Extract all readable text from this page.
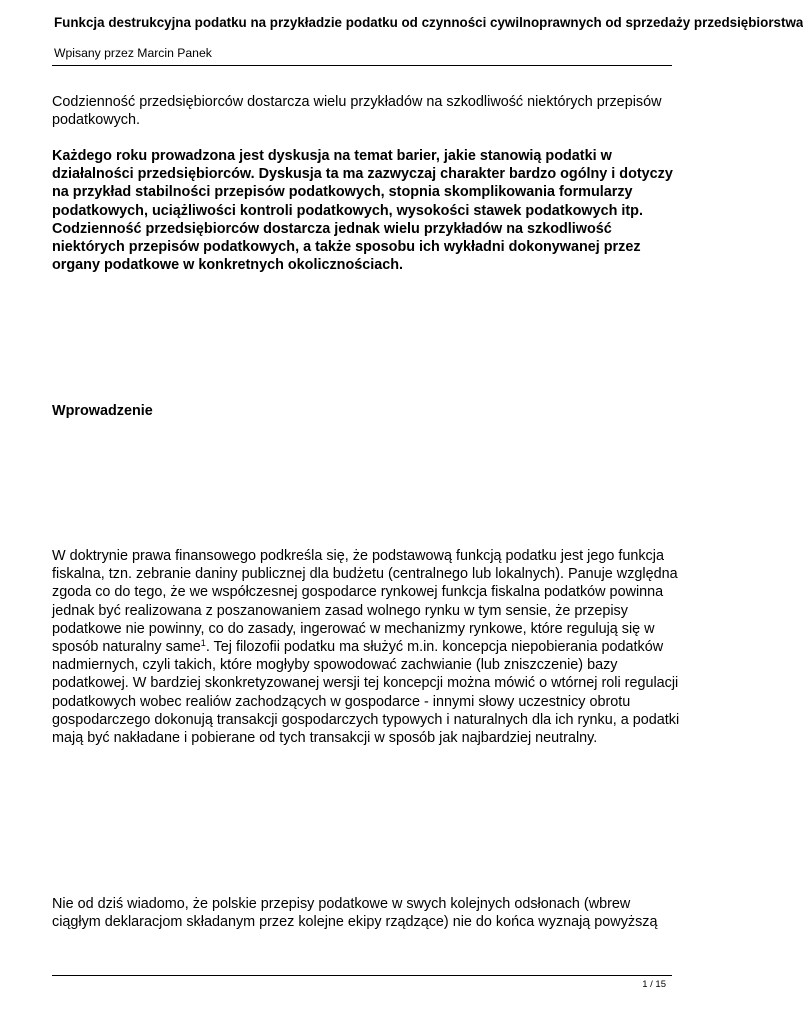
Funkcja destrukcyjna podatku na przykładzie podatku od czynności cywilnoprawnych od sprzedaży przedsiębiorstwa
Wpisany przez Marcin Panek
Codzienność przedsiębiorców dostarcza wielu przykładów na szkodliwość niektórych przepisów podatkowych.
Każdego roku prowadzona jest dyskusja na temat barier, jakie stanowią podatki w działalności przedsiębiorców. Dyskusja ta ma zazwyczaj charakter bardzo ogólny i dotyczy na przykład stabilności przepisów podatkowych, stopnia skomplikowania formularzy podatkowych, uciążliwości kontroli podatkowych, wysokości stawek podatkowych itp. Codzienność przedsiębiorców dostarcza jednak wielu przykładów na szkodliwość niektórych przepisów podatkowych, a także sposobu ich wykładni dokonywanej przez organy podatkowe w konkretnych okolicznościach.
Wprowadzenie
W doktrynie prawa finansowego podkreśla się, że podstawową funkcją podatku jest jego funkcja fiskalna, tzn. zebranie daniny publicznej dla budżetu (centralnego lub lokalnych). Panuje względna zgoda co do tego, że we współczesnej gospodarce rynkowej funkcja fiskalna podatków powinna jednak być realizowana z poszanowaniem zasad wolnego rynku w tym sensie, że przepisy podatkowe nie powinny, co do zasady, ingerować w mechanizmy rynkowe, które regulują się w sposób naturalny same$^1$. Tej filozofii podatku ma służyć m.in. koncepcja niepobierania podatków nadmiernych, czyli takich, które mogłyby spowodować zachwianie (lub zniszczenie) bazy podatkowej. W bardziej skonkretyzowanej wersji tej koncepcji można mówić o wtórnej roli regulacji podatkowych wobec realiów zachodzących w gospodarce - innymi słowy uczestnicy obrotu gospodarczego dokonują transakcji gospodarczych typowych i naturalnych dla ich rynku, a podatki mają być nakładane i pobierane od tych transakcji w sposób jak najbardziej neutralny.
Nie od dziś wiadomo, że polskie przepisy podatkowe w swych kolejnych odsłonach (wbrew ciągłym deklaracjom składanym przez kolejne ekipy rządzące) nie do końca wyznają powyższą
1 / 15
